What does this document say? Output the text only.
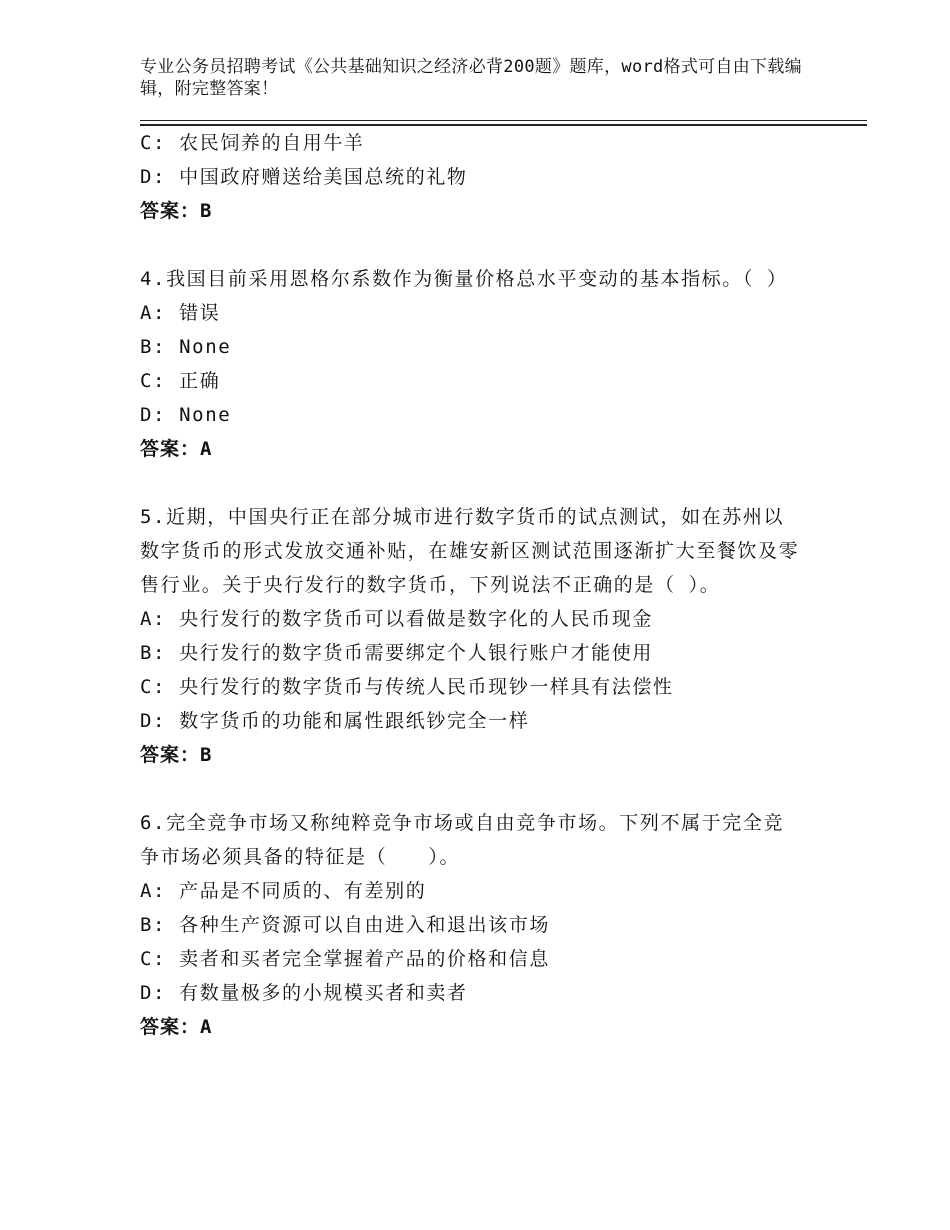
专业公务员招聘考试《公共基础知识之经济必背200题》题库，word格式可自由下载编辑，附完整答案！
C: 农民饲养的自用牛羊
D: 中国政府赠送给美国总统的礼物
答案：B
4.我国目前采用恩格尔系数作为衡量价格总水平变动的基本指标。（ ）
A: 错误
B: None
C: 正确
D: None
答案：A
5.近期，中国央行正在部分城市进行数字货币的试点测试，如在苏州以数字货币的形式发放交通补贴，在雄安新区测试范围逐渐扩大至餐饮及零售行业。关于央行发行的数字货币，下列说法不正确的是（ ）。
A: 央行发行的数字货币可以看做是数字化的人民币现金
B: 央行发行的数字货币需要绑定个人银行账户才能使用
C: 央行发行的数字货币与传统人民币现钞一样具有法偿性
D: 数字货币的功能和属性跟纸钞完全一样
答案：B
6.完全竞争市场又称纯粹竞争市场或自由竞争市场。下列不属于完全竞争市场必须具备的特征是（　　）。
A: 产品是不同质的、有差别的
B: 各种生产资源可以自由进入和退出该市场
C: 卖者和买者完全掌握着产品的价格和信息
D: 有数量极多的小规模买者和卖者
答案：A
